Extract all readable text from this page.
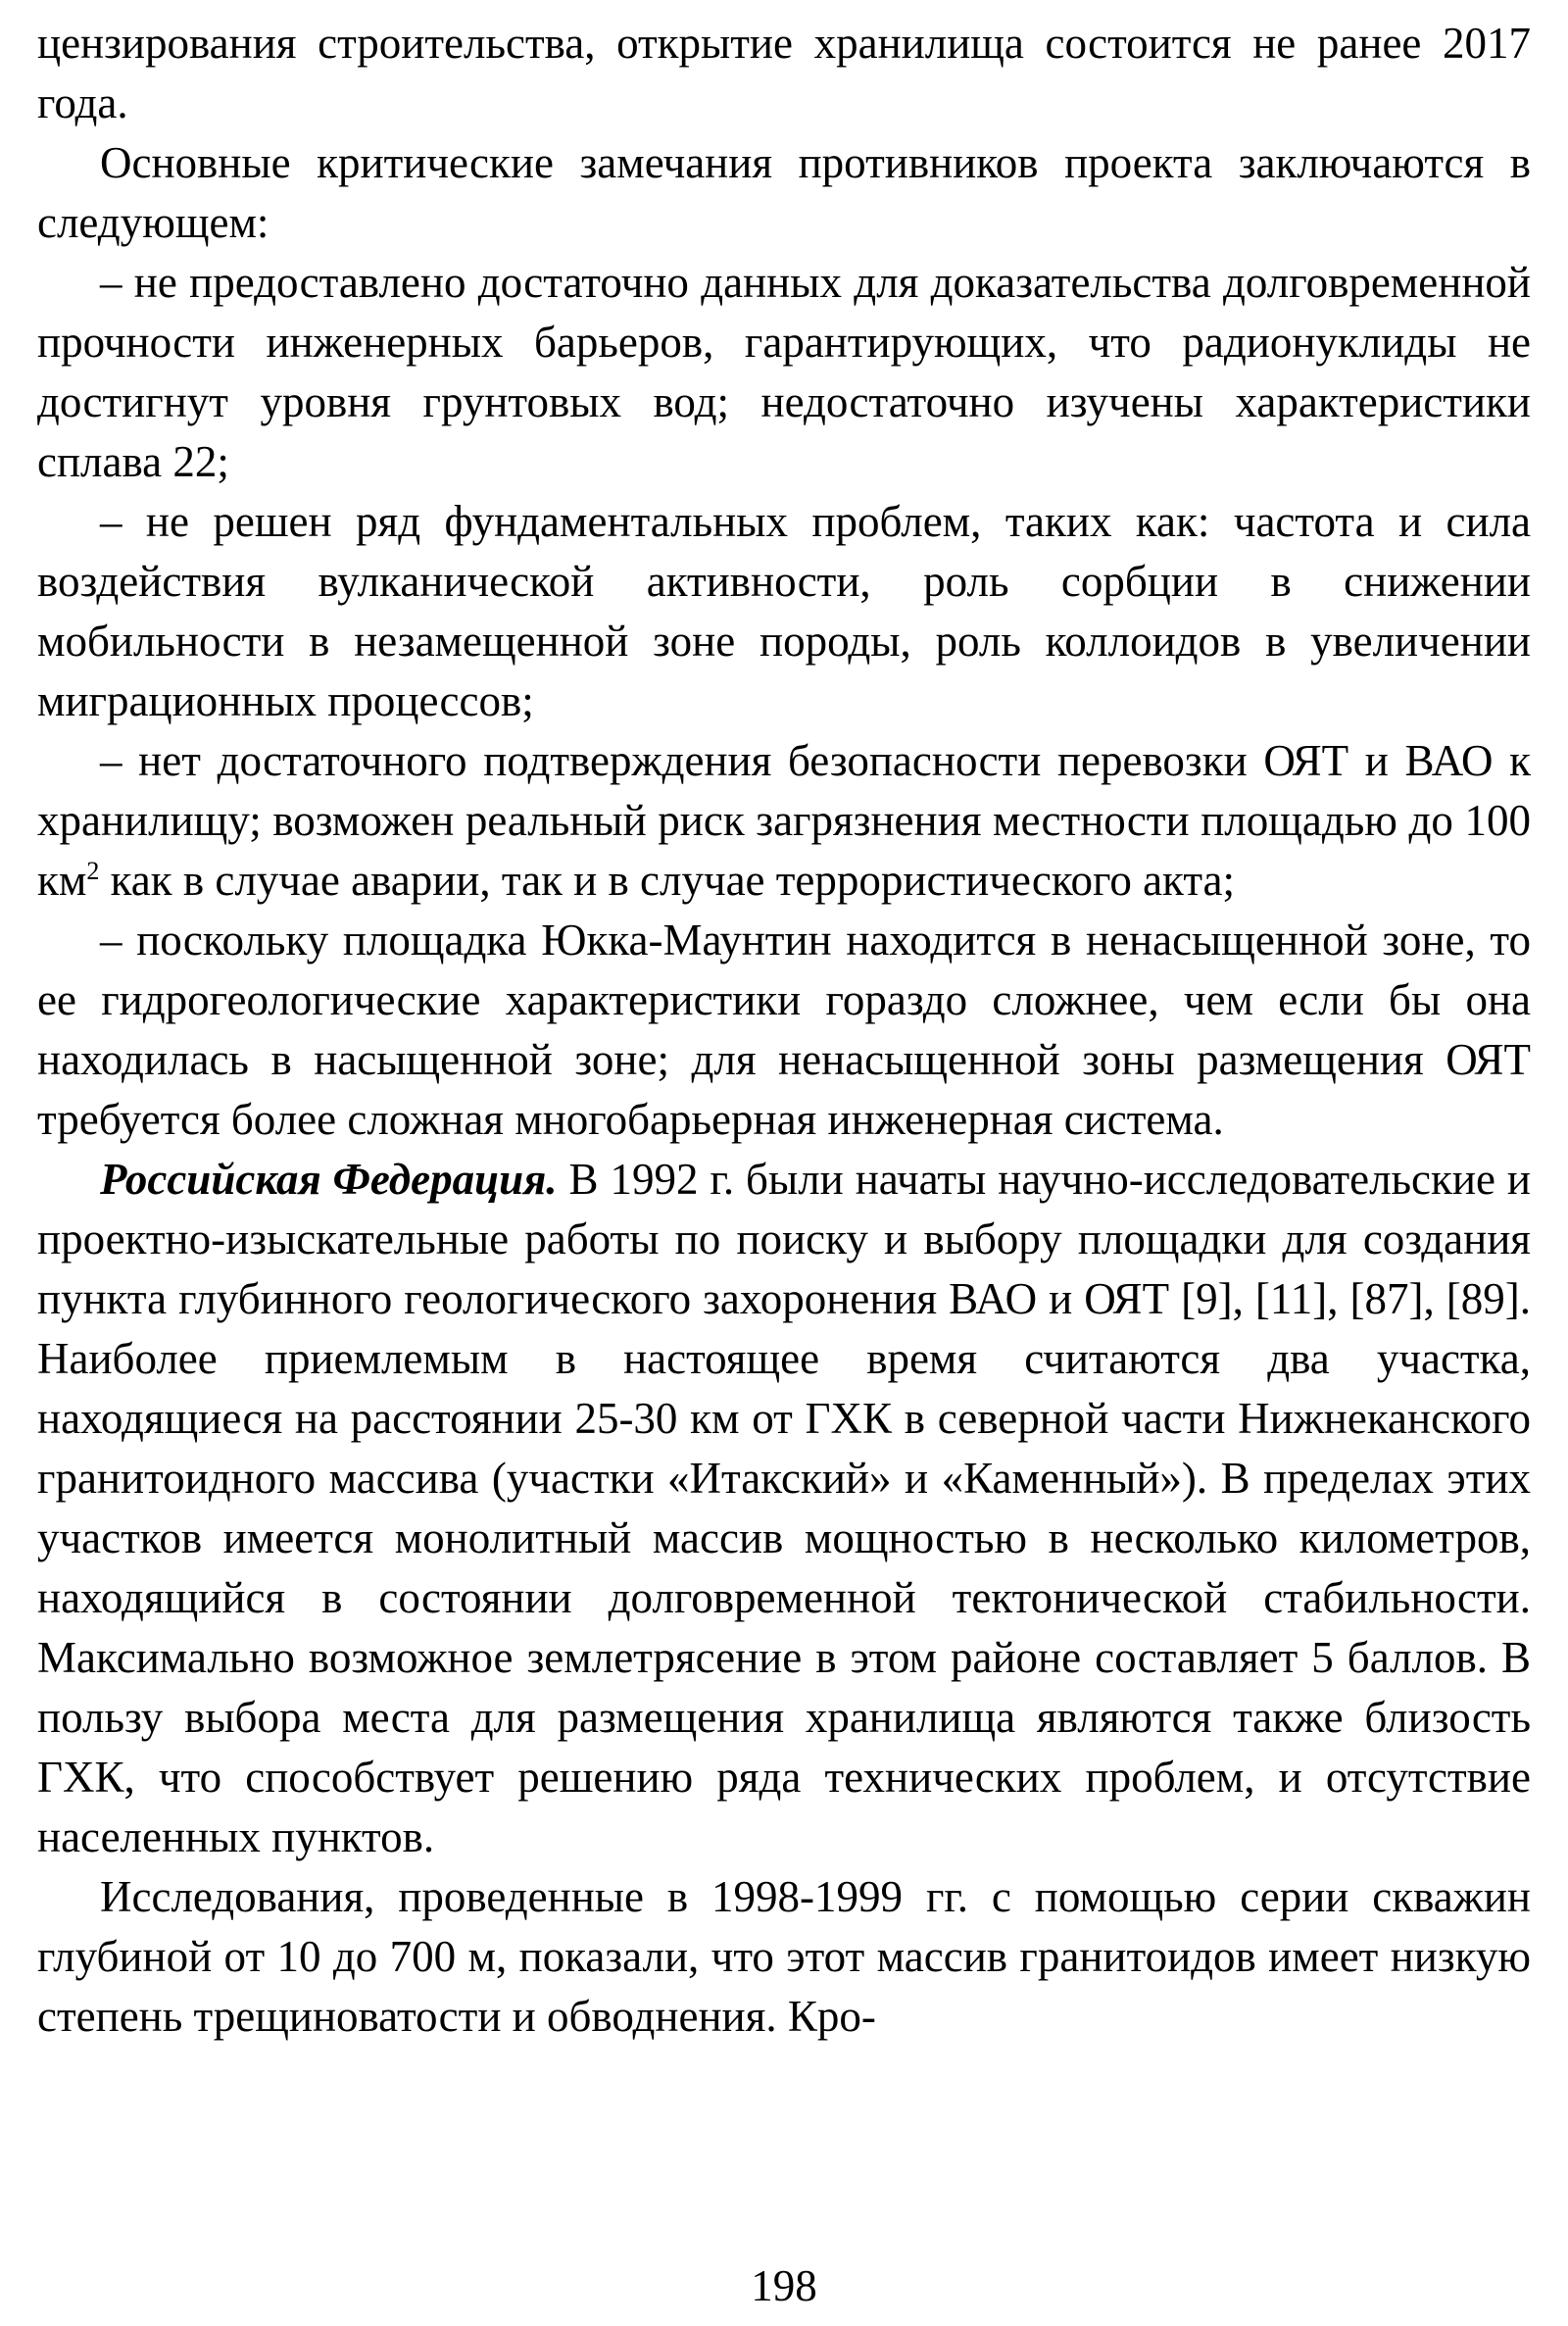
цензирования строительства, открытие хранилища состоится не ранее 2017 года.

Основные критические замечания противников проекта заключаются в следующем:

– не предоставлено достаточно данных для доказательства долговременной прочности инженерных барьеров, гарантирующих, что радионуклиды не достигнут уровня грунтовых вод; недостаточно изучены характеристики сплава 22;

– не решен ряд фундаментальных проблем, таких как: частота и сила воздействия вулканической активности, роль сорбции в снижении мобильности в незамещенной зоне породы, роль коллоидов в увеличении миграционных процессов;

– нет достаточного подтверждения безопасности перевозки ОЯТ и ВАО к хранилищу; возможен реальный риск загрязнения местности площадью до 100 $км^2$ как в случае аварии, так и в случае террористического акта;

– поскольку площадка Юкка-Маунтин находится в ненасыщенной зоне, то ее гидрогеологические характеристики гораздо сложнее, чем если бы она находилась в насыщенной зоне; для ненасыщенной зоны размещения ОЯТ требуется более сложная многобарьерная инженерная система.

Российская Федерация. В 1992 г. были начаты научно-исследовательские и проектно-изыскательные работы по поиску и выбору площадки для создания пункта глубинного геологического захоронения ВАО и ОЯТ [9], [11], [87], [89]. Наиболее приемлемым в настоящее время считаются два участка, находящиеся на расстоянии 25-30 км от ГХК в северной части Нижнеканского гранитоидного массива (участки «Итакский» и «Каменный»). В пределах этих участков имеется монолитный массив мощностью в несколько километров, находящийся в состоянии долговременной тектонической стабильности. Максимально возможное землетрясение в этом районе составляет 5 баллов. В пользу выбора места для размещения хранилища являются также близость ГХК, что способствует решению ряда технических проблем, и отсутствие населенных пунктов.

Исследования, проведенные в 1998-1999 гг. с помощью серии скважин глубиной от 10 до 700 м, показали, что этот массив гранитоидов имеет низкую степень трещиноватости и обводнения. Кро-

198
